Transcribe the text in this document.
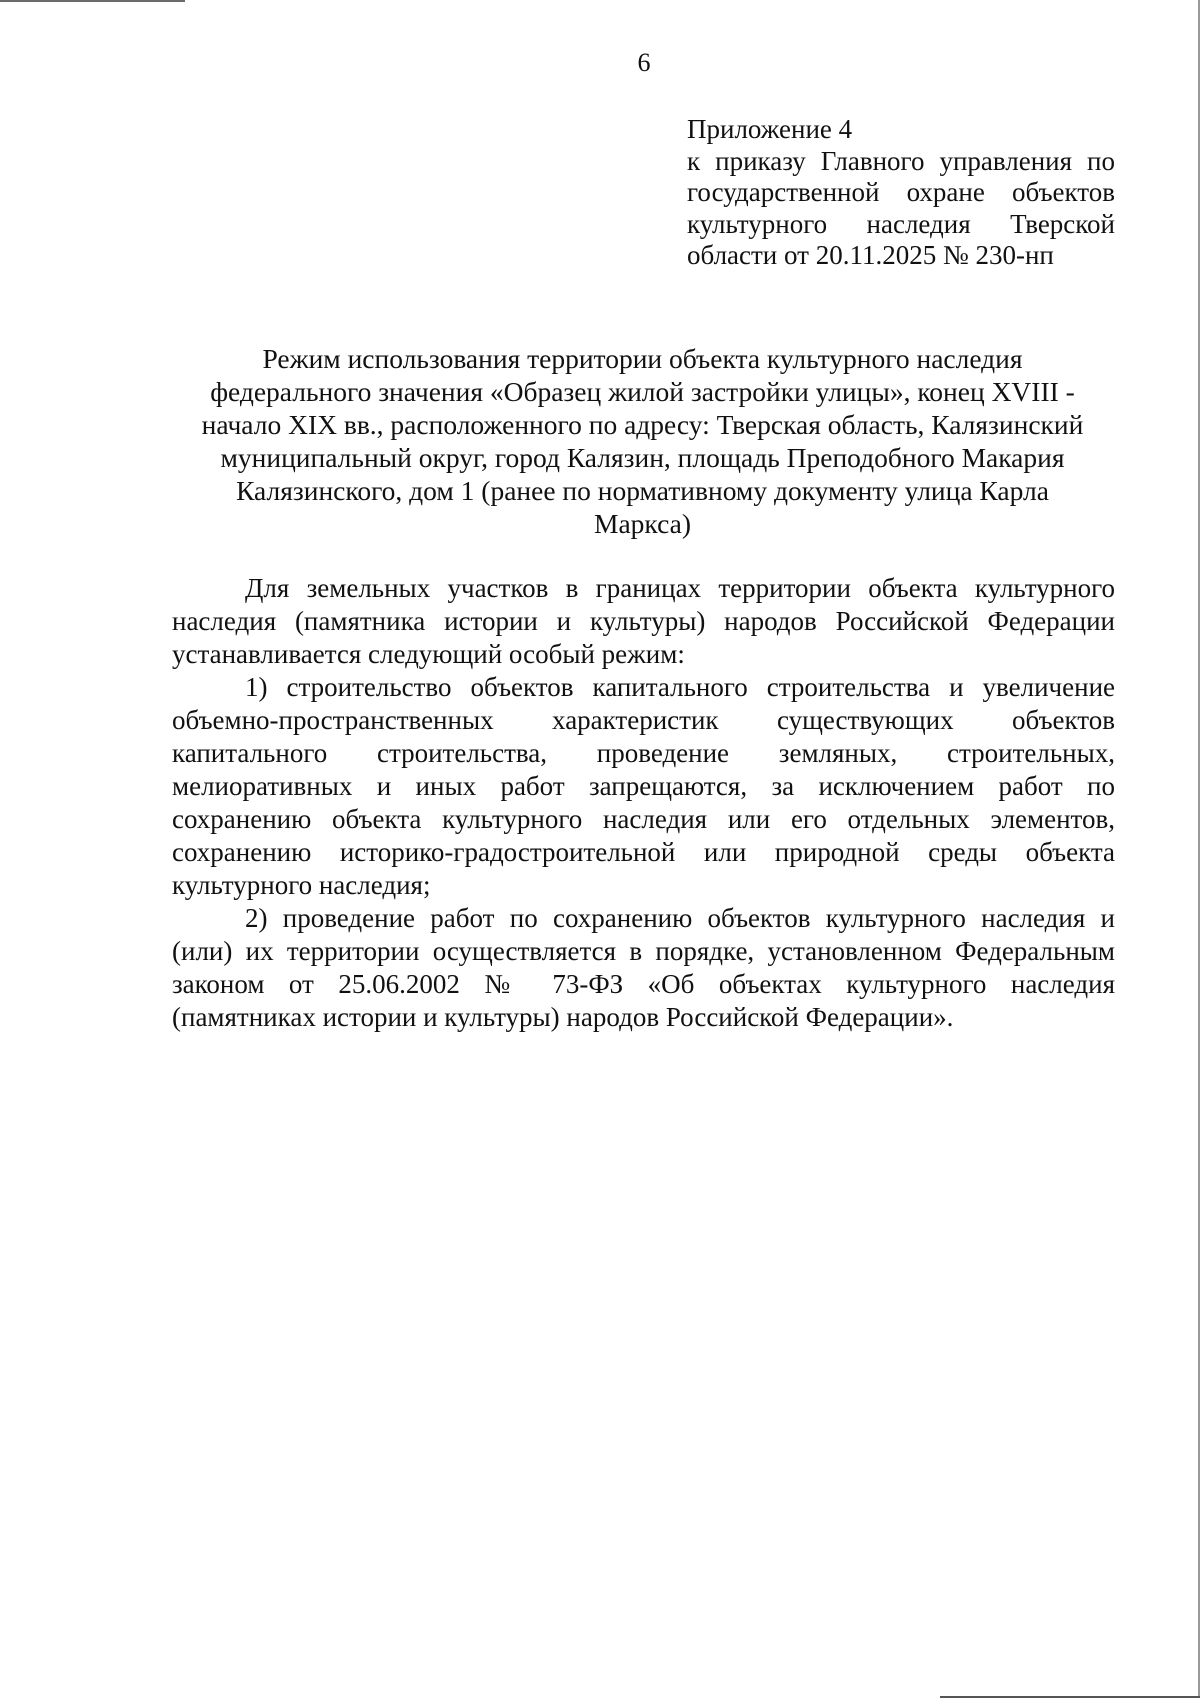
6
Приложение 4
к приказу Главного управления по
государственной охране объектов
культурного наследия Тверской
области от 20.11.2025 № 230-нп
Режим использования территории объекта культурного наследия
федерального значения «Образец жилой застройки улицы», конец XVIII -
начало XIX вв., расположенного по адресу: Тверская область, Калязинский
муниципальный округ, город Калязин, площадь Преподобного Макария
Калязинского, дом 1 (ранее по нормативному документу улица Карла
Маркса)
Для земельных участков в границах территории объекта культурного
наследия (памятника истории и культуры) народов Российской Федерации
устанавливается следующий особый режим:
1) строительство объектов капитального строительства и увеличение
объемно-пространственных характеристик существующих объектов
капитального строительства, проведение земляных, строительных,
мелиоративных и иных работ запрещаются, за исключением работ по
сохранению объекта культурного наследия или его отдельных элементов,
сохранению историко-градостроительной или природной среды объекта
культурного наследия;
2) проведение работ по сохранению объектов культурного наследия и
(или) их территории осуществляется в порядке, установленном Федеральным
законом от 25.06.2002 № 73-ФЗ «Об объектах культурного наследия
(памятниках истории и культуры) народов Российской Федерации».
